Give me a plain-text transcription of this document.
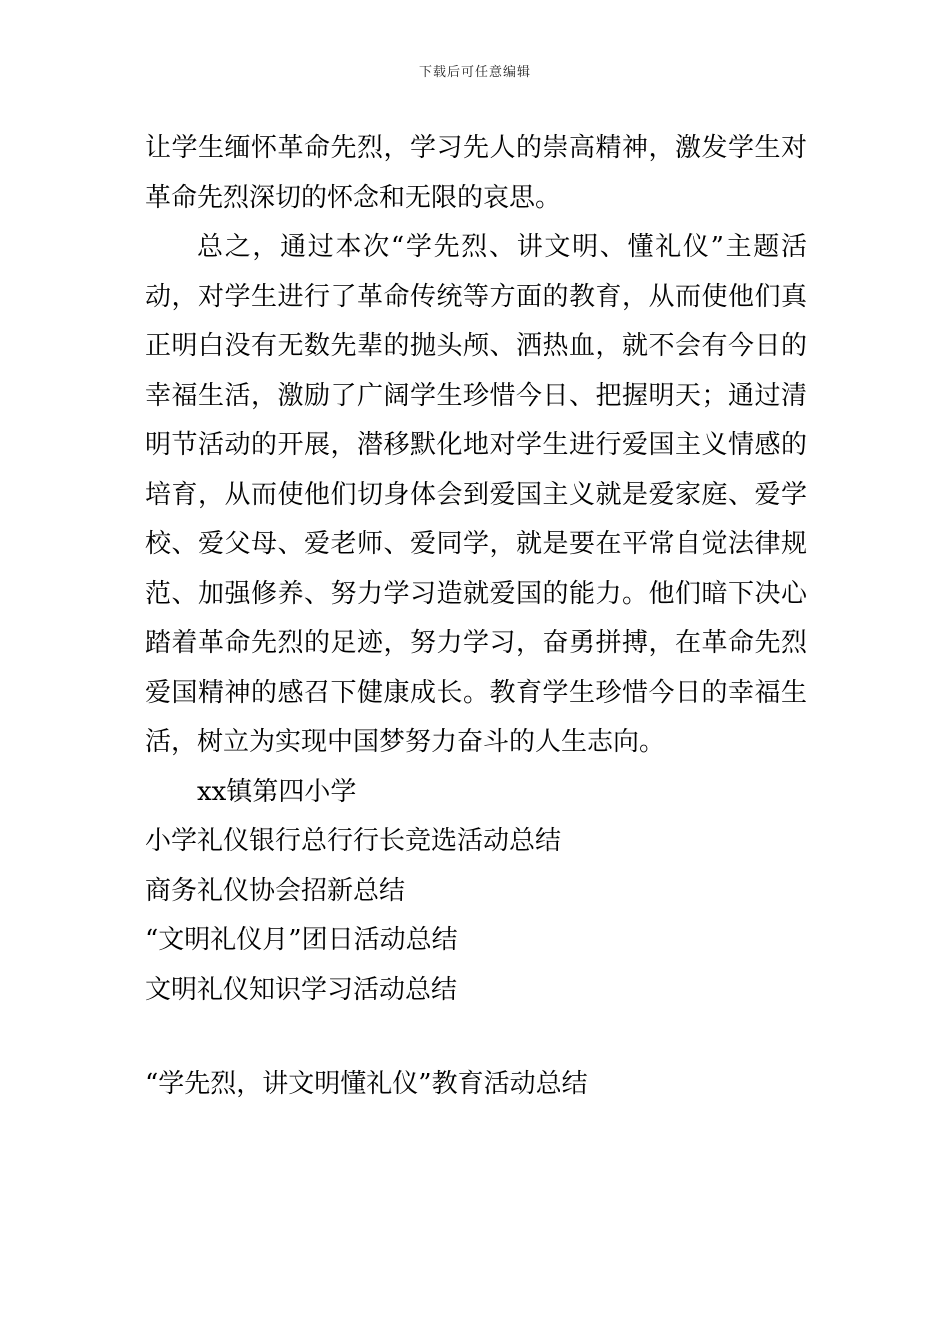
下载后可任意编辑

让学生缅怀革命先烈，学习先人的崇高精神，激发学生对革命先烈深切的怀念和无限的哀思。

总之，通过本次“学先烈、讲文明、懂礼仪”主题活动，对学生进行了革命传统等方面的教育，从而使他们真正明白没有无数先辈的抛头颅、洒热血，就不会有今日的幸福生活，激励了广阔学生珍惜今日、把握明天；通过清明节活动的开展，潜移默化地对学生进行爱国主义情感的培育，从而使他们切身体会到爱国主义就是爱家庭、爱学校、爱父母、爱老师、爱同学，就是要在平常自觉法律规范、加强修养、努力学习造就爱国的能力。他们暗下决心踏着革命先烈的足迹，努力学习，奋勇拼搏，在革命先烈爱国精神的感召下健康成长。教育学生珍惜今日的幸福生活，树立为实现中国梦努力奋斗的人生志向。

xx镇第四小学

小学礼仪银行总行行长竞选活动总结

商务礼仪协会招新总结

“文明礼仪月”团日活动总结

文明礼仪知识学习活动总结

“学先烈，讲文明懂礼仪”教育活动总结
